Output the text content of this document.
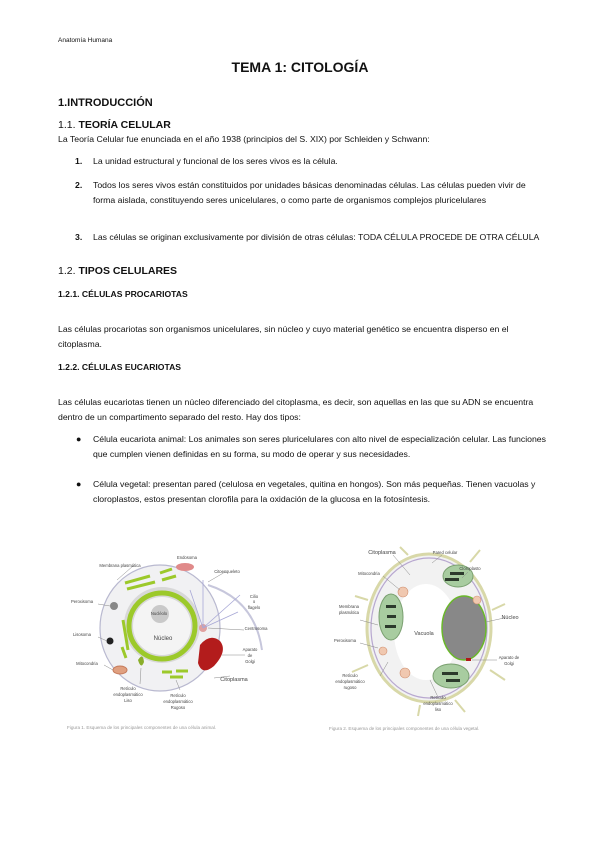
Anatomía Humana
TEMA 1: CITOLOGÍA
1.INTRODUCCIÓN
1.1. TEORÍA CELULAR
La Teoría Celular fue enunciada en el año 1938 (principios del S. XIX) por Schleiden y Schwann:
1. La unidad estructural y funcional de los seres vivos es la célula.
2. Todos los seres vivos están constituidos por unidades básicas denominadas células. Las células pueden vivir de forma aislada, constituyendo seres unicelulares, o como parte de organismos complejos pluricelulares
3. Las células se originan exclusivamente por división de otras células: TODA CÉLULA PROCEDE DE OTRA CÉLULA
1.2. TIPOS CELULARES
1.2.1. CÉLULAS PROCARIOTAS
Las células procariotas son organismos unicelulares, sin núcleo y cuyo material genético se encuentra disperso en el citoplasma.
1.2.2. CÉLULAS EUCARIOTAS
Las células eucariotas tienen un núcleo diferenciado del citoplasma, es decir, son aquellas en las que su ADN se encuentra dentro de un compartimento separado del resto. Hay dos tipos:
● Célula eucariota animal: Los animales son seres pluricelulares con alto nivel de especialización celular. Las funciones que cumplen vienen definidas en su forma, su modo de operar y sus necesidades.
● Célula vegetal: presentan pared (celulosa en vegetales, quitina en hongos). Son más pequeñas. Tienen vacuolas y cloroplastos, estos presentan clorofila para la oxidación de la glucosa en la fotosíntesis.
Endosoma
Membrana plasmática
Citoesqueleto
Peroxisoma
Cilio
o
flagelo
Nucléolo
Centrosoma
Lisosoma
Núcleo
Aparato
de
Golgi
Mitocondria
Citoplasma
Retículo
endoplasmático
Liso
Retículo
endoplasmático
Rugoso
Figura 1. Esquema de los principales componentes de una célula animal.
Citoplasma	Pared celular
Mitocondria
Cloroplasto
Membrana
plasmática
Núcleo
Vacuola
Peroxisoma
Aparato de
Golgi
Retículo
endoplasmático
rugoso
Retículo
endoplasmático
liso
Figura 2. Esquema de los principales componentes de una célula vegetal.
